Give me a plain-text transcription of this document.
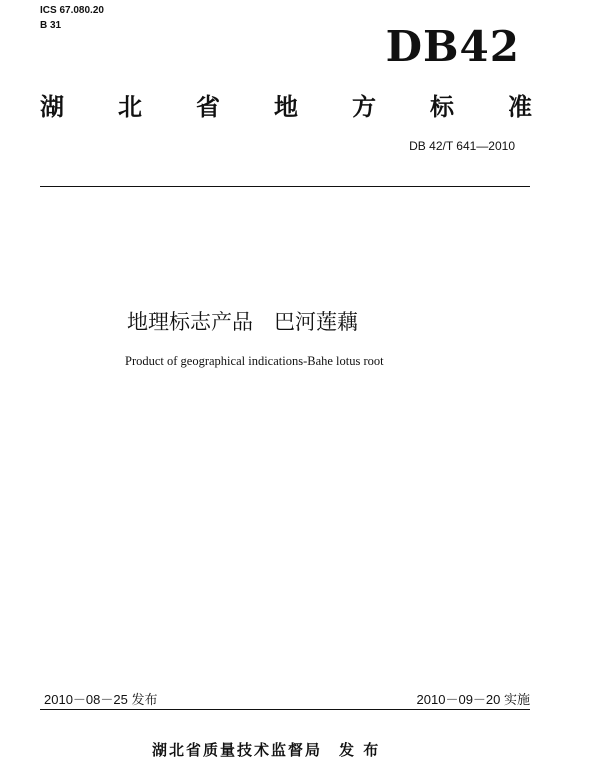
ICS 67.080.20
B 31	DB42
湖 北 省 地 方 标 准
DB 42/T 641—2010
地理标志产品　巴河莲藕
Product of geographical indications-Bahe lotus root
2010－08－25 发布	2010－09－20 实施
湖北省质量技术监督局　发 布
